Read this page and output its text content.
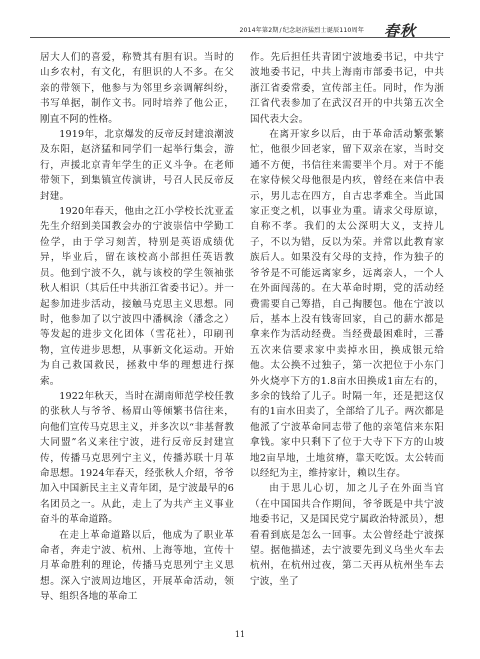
2014年第2期/纪念赵济猛烈士诞辰110周年 春秋

居大人们的喜爱，称赞其有胆有识。当时的山乡农村，有文化，有胆识的人不多。在父亲的带领下，他参与为邻里乡亲调解纠纷，书写单据，制作文书。同时培养了他公正，刚直不阿的性格。

1919年，北京爆发的反帝反封建浪潮波及东阳，赵济猛和同学们一起举行集会，游行，声援北京青年学生的正义斗争。在老师带领下，到集镇宣传演讲，号召人民反帝反封建。

1920年春天，他由之江小学校长沈亚孟先生介绍到美国教会办的宁波崇信中学勤工俭学，由于学习刻苦，特别是英语成绩优异，毕业后，留在该校高小部担任英语教员。他到宁波不久，就与该校的学生领袖张秋人相识（其后任中共浙江省委书记）。并一起参加进步活动，接触马克思主义思想。同时，他参加了以宁波四中潘枫涂（潘念之）等发起的进步文化团体（雪花社），印刷刊物，宣传进步思想，从事新文化运动。开始为自己救国救民，拯救中华的理想进行探索。

1922年秋天，当时在湖南师范学校任教的张秋人与爷爷、杨眉山等倾繁书信往来，向他们宣传马克思主义，并多次以“非基督教大同盟”名义来往宁波，进行反帝反封建宣传，传播马克思列宁主义，传播苏联十月革命思想。1924年春天，经张秋人介绍，爷爷加入中国新民主主义青年团，是宁波最早的6名团员之一。从此，走上了为共产主义事业奋斗的革命道路。

在走上革命道路以后，他成为了职业革命者，奔走宁波、杭州、上海等地，宣传十月革命胜利的理论，传播马克思列宁主义思想。深入宁波周边地区，开展革命活动，领导、组织各地的革命工

作。先后担任共青团宁波地委书记，中共宁波地委书记，中共上海南市部委书记，中共浙江省委常委，宣传部主任。同时，作为浙江省代表参加了在武汉召开的中共第五次全国代表大会。

在离开家乡以后，由于革命活动繁张繁忙，他很少回老家，留下双亲在家，当时交通不方便，书信往来需要半个月。对于不能在家侍候父母他很是内疚，曾经在来信中表示，男儿志在四方，自古忠孝难全。当此国家正变之机，以事业为重。请求父母原谅，自称不孝。我们的太公深明大义，支持儿子，不以为错，反以为荣。并常以此教育家族后人。如果没有父母的支持，作为独子的爷爷是不可能远离家乡，远离亲人，一个人在外面闯荡的。在大革命时期，党的活动经费需要自己筹措，自己掏腰包。他在宁波以后，基本上没有钱寄回家，自己的薪水都是拿来作为活动经费。当经费最困难时，三番五次来信要求家中卖掉水田，换成银元给他。太公换不过独子，第一次把位于小东门外火烧亭下方的1.8亩水田换成1亩左右的，多余的钱给了儿子。时隔一年，还是把这仅有的1亩水田卖了，全部给了儿子。两次都是他派了宁波革命同志带了他的亲笔信来东阳拿钱。家中只剩下了位于大寺下下方的山坡地2亩旱地，土地贫瘠，靠天吃饭。太公转而以经纪为主，维持家计，赖以生存。

由于思儿心切，加之儿子在外面当官（在中国国共合作期间，爷爷既是中共宁波地委书记，又是国民党宁属政治特派员），想看看到底是怎么一回事。太公曾经赴宁波探望。据他描述，去宁波要先到义乌坐火车去杭州，在杭州过夜，第二天再从杭州坐车去宁波，坐了

11
